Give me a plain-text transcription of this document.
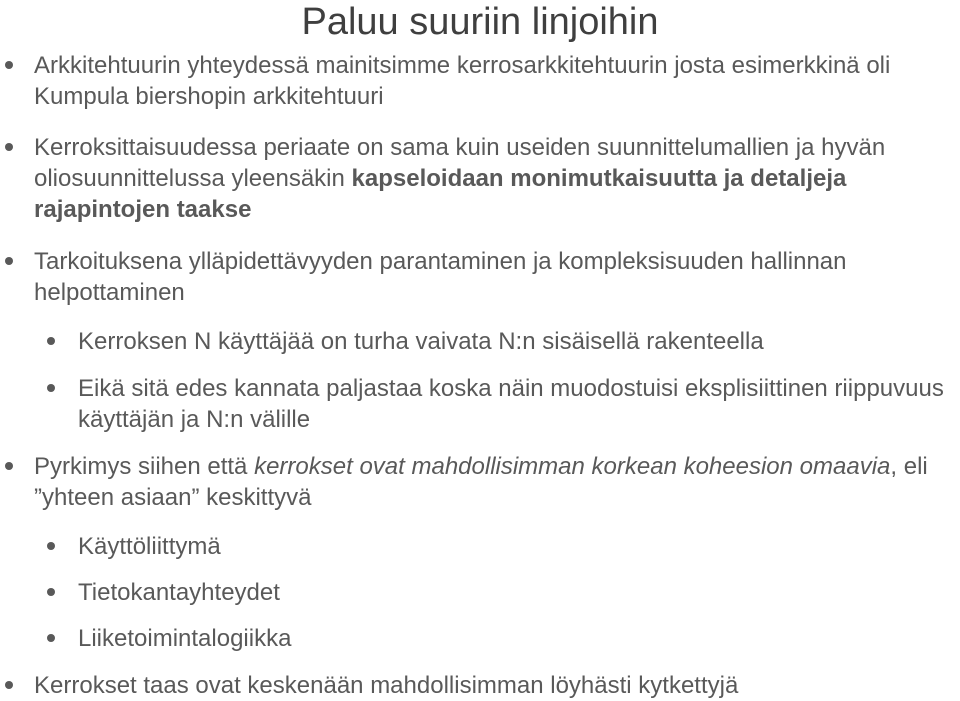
Paluu suuriin linjoihin
Arkkitehtuurin yhteydessä mainitsimme kerrosarkkitehtuurin josta esimerkkinä oli Kumpula biershopin arkkitehtuuri
Kerroksittaisuudessa periaate on sama kuin useiden suunnittelumallien ja hyvän oliosuunnittelussa yleensäkin kapseloidaan monimutkaisuutta ja detaljeja rajapintojen taakse
Tarkoituksena ylläpidettävyyden parantaminen ja kompleksisuuden hallinnan helpottaminen
Kerroksen N käyttäjää on turha vaivata N:n sisäisellä rakenteella
Eikä sitä edes kannata paljastaa koska näin muodostuisi eksplisiittinen riippuvuus käyttäjän ja N:n välille
Pyrkimys siihen että kerrokset ovat mahdollisimman korkean koheesion omaavia, eli ”yhteen asiaan” keskittyvä
Käyttöliittymä
Tietokantayhteydet
Liiketoimintalogiikka
Kerrokset taas ovat keskenään mahdollisimman löyhästi kytkettyjä
